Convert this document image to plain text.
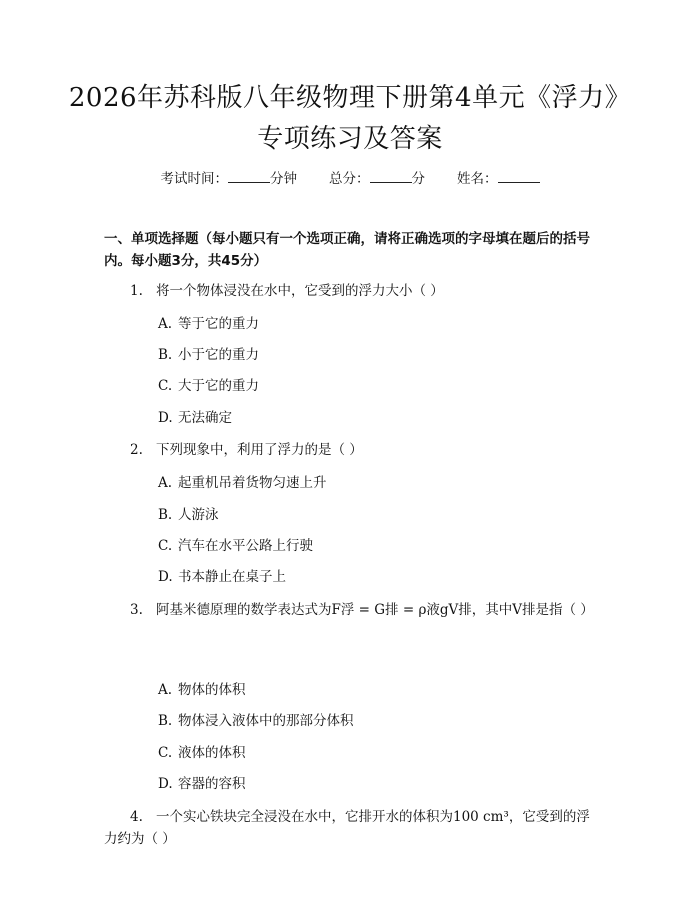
2026年苏科版八年级物理下册第4单元《浮力》专项练习及答案
考试时间：	分钟 总分：	分 姓名：
一、单项选择题（每小题只有一个选项正确，请将正确选项的字母填在题后的括号内。每小题3分，共45分）
1. 将一个物体浸没在水中，它受到的浮力大小（ ）
A. 等于它的重力
B. 小于它的重力
C. 大于它的重力
D. 无法确定
2. 下列现象中，利用了浮力的是（ ）
A. 起重机吊着货物匀速上升
B. 人游泳
C. 汽车在水平公路上行驶
D. 书本静止在桌子上
3. 阿基米德原理的数学表达式为F浮 = G排 = ρ液gV排，其中V排是指（ ）
A. 物体的体积
B. 物体浸入液体中的那部分体积
C. 液体的体积
D. 容器的容积
4. 一个实心铁块完全浸没在水中，它排开水的体积为100 cm³，它受到的浮力约为（ ）
